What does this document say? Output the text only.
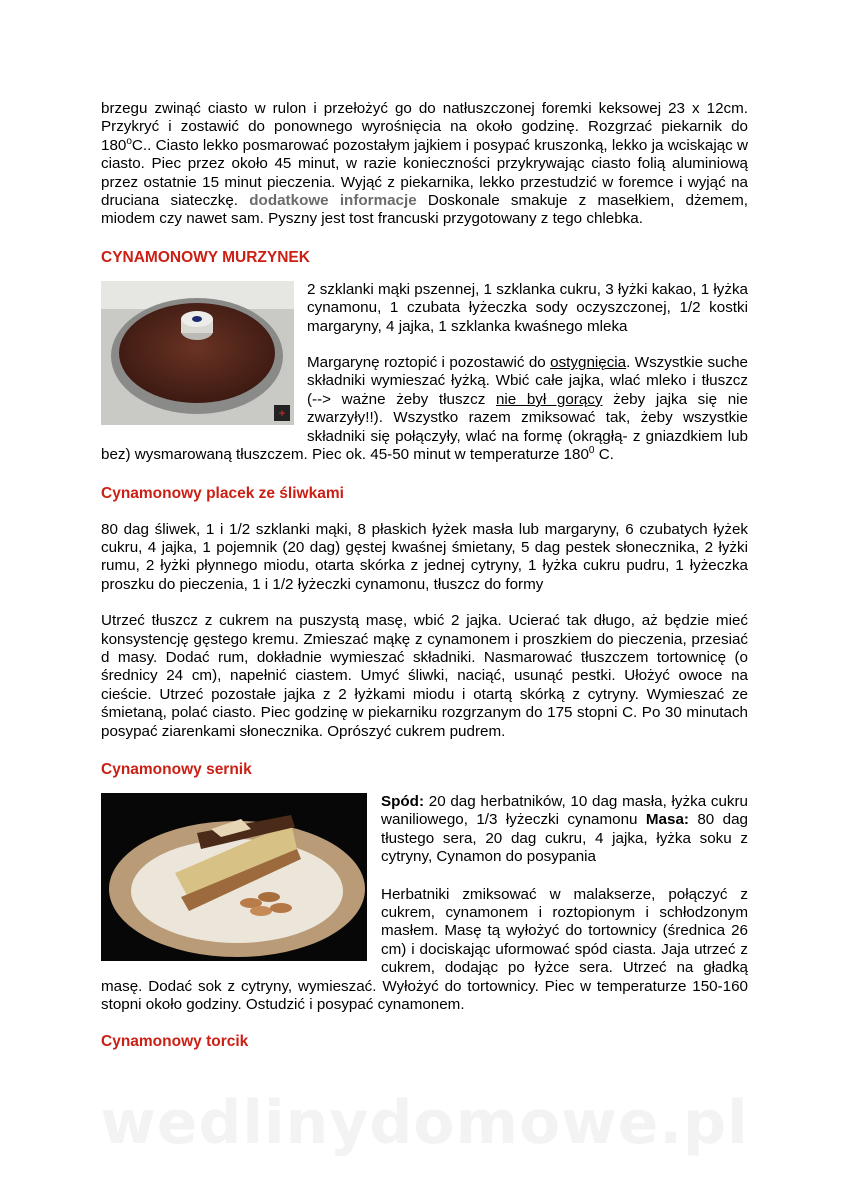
brzegu zwinąć ciasto w rulon i przełożyć go do natłuszczonej foremki keksowej 23 x 12cm. Przykryć i zostawić do ponownego wyrośnięcia na około godzinę. Rozgrzać piekarnik do 180$^o$C.. Ciasto lekko posmarować pozostałym jajkiem i posypać kruszonką, lekko ja wciskając w ciasto. Piec przez około 45 minut, w razie konieczności przykrywając ciasto folią aluminiową przez ostatnie 15 minut pieczenia. Wyjąć z piekarnika, lekko przestudzić w foremce i wyjąć na druciana siateczkę. dodatkowe informacje Doskonale smakuje z masełkiem, dżemem, miodem czy nawet sam. Pyszny jest tost francuski przygotowany z tego chlebka.

CYNAMONOWY MURZYNEK
+

2 szklanki mąki pszennej, 1 szklanka cukru, 3 łyżki kakao, 1 łyżka cynamonu, 1 czubata łyżeczka sody oczyszczonej, 1/2 kostki margaryny, 4 jajka, 1 szklanka kwaśnego mleka

Margarynę roztopić i pozostawić do ostygnięcia. Wszystkie suche składniki wymieszać łyżką. Wbić całe jajka, wlać mleko i tłuszcz (--> ważne żeby tłuszcz nie był gorący żeby jajka się nie zwarzyły!!). Wszystko razem zmiksować tak, żeby wszystkie składniki się połączyły, wlać na formę (okrągłą- z gniazdkiem lub bez) wysmarowaną tłuszczem. Piec ok. 45-50 minut w temperaturze $180^0$ C.

Cynamonowy placek ze śliwkami

80 dag śliwek, 1 i 1/2 szklanki mąki, 8 płaskich łyżek masła lub margaryny, 6 czubatych łyżek cukru, 4 jajka, 1 pojemnik (20 dag) gęstej kwaśnej śmietany, 5 dag pestek słonecznika, 2 łyżki rumu, 2 łyżki płynnego miodu, otarta skórka z jednej cytryny, 1 łyżka cukru pudru, 1 łyżeczka proszku do pieczenia, 1 i 1/2 łyżeczki cynamonu, tłuszcz do formy

Utrzeć tłuszcz z cukrem na puszystą masę, wbić 2 jajka. Ucierać tak długo, aż będzie mieć konsystencję gęstego kremu. Zmieszać mąkę z cynamonem i proszkiem do pieczenia, przesiać d masy. Dodać rum, dokładnie wymieszać składniki. Nasmarować tłuszczem tortownicę (o średnicy 24 cm), napełnić ciastem. Umyć śliwki, naciąć, usunąć pestki. Ułożyć owoce na cieście. Utrzeć pozostałe jajka z 2 łyżkami miodu i otartą skórką z cytryny. Wymieszać ze śmietaną, polać ciasto. Piec godzinę w piekarniku rozgrzanym do 175 stopni C. Po 30 minutach posypać ziarenkami słonecznika. Oprószyć cukrem pudrem.

Cynamonowy sernik

Spód: 20 dag herbatników, 10 dag masła, łyżka cukru waniliowego, 1/3 łyżeczki cynamonu Masa: 80 dag tłustego sera, 20 dag cukru, 4 jajka, łyżka soku z cytryny, Cynamon do posypania

Herbatniki zmiksować w malakserze, połączyć z cukrem, cynamonem i roztopionym i schłodzonym masłem. Masę tą wyłożyć do tortownicy (średnica 26 cm) i dociskając uformować spód ciasta. Jaja utrzeć z cukrem, dodając po łyżce sera. Utrzeć na gładką masę. Dodać sok z cytryny, wymieszać. Wyłożyć do tortownicy. Piec w temperaturze 150-160 stopni około godziny. Ostudzić i posypać cynamonem.

Cynamonowy torcik
wedlinydomowe.pl
